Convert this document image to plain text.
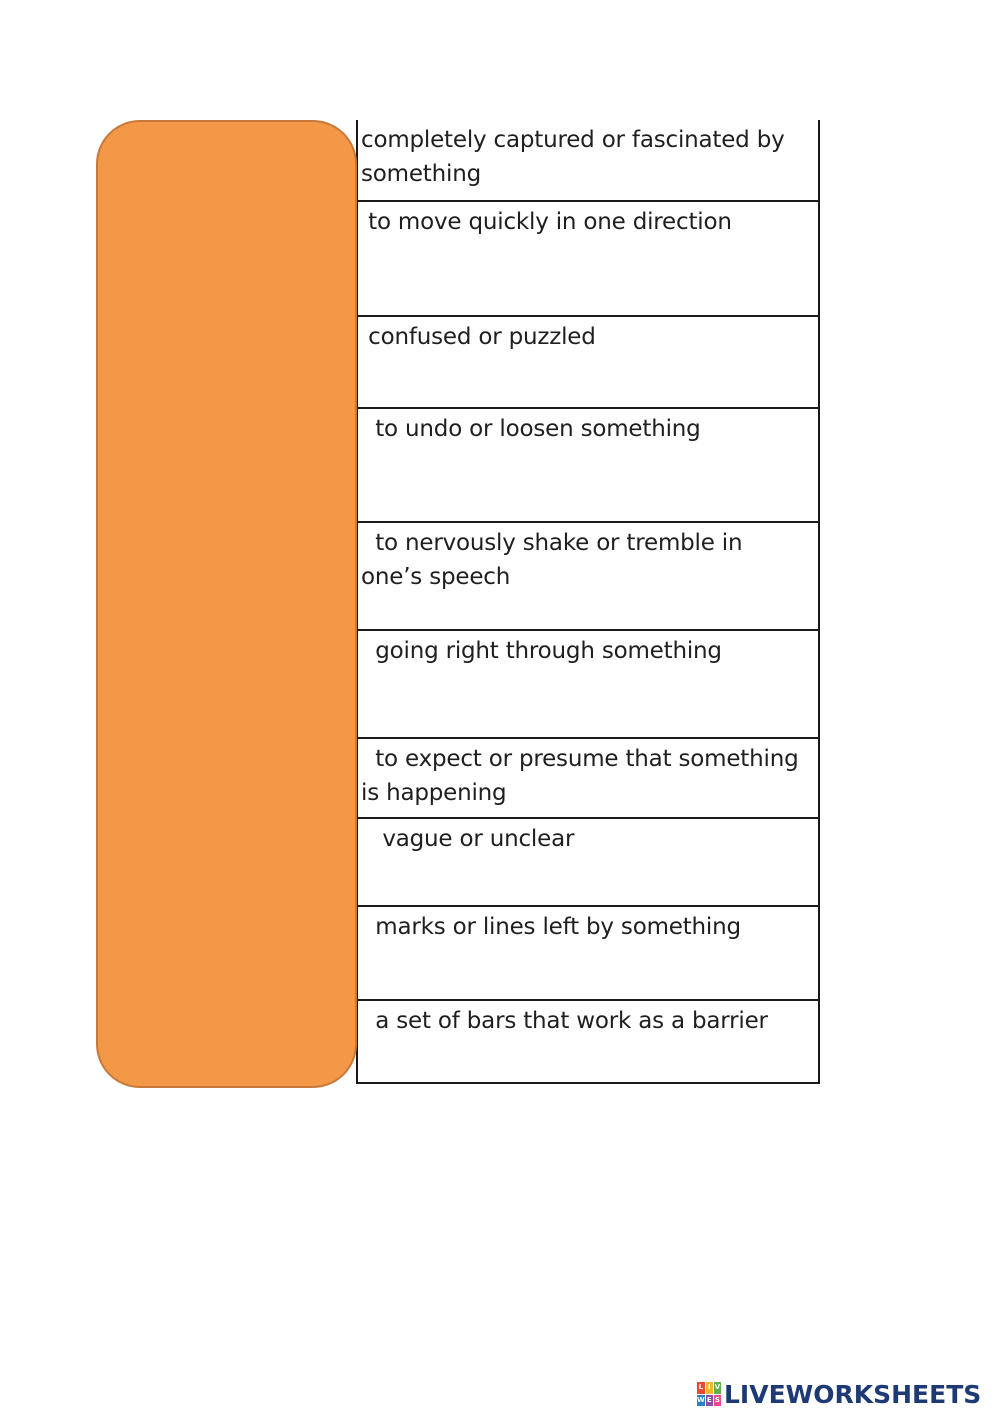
completely captured or fascinated by
something
to move quickly in one direction
confused or puzzled
to undo or loosen something
to nervously shake or tremble in
one’s speech
going right through something
to expect or presume that something
is happening
vague or unclear
marks or lines left by something
a set of bars that work as a barrier
L I V
W E S LIVEWORKSHEETS
